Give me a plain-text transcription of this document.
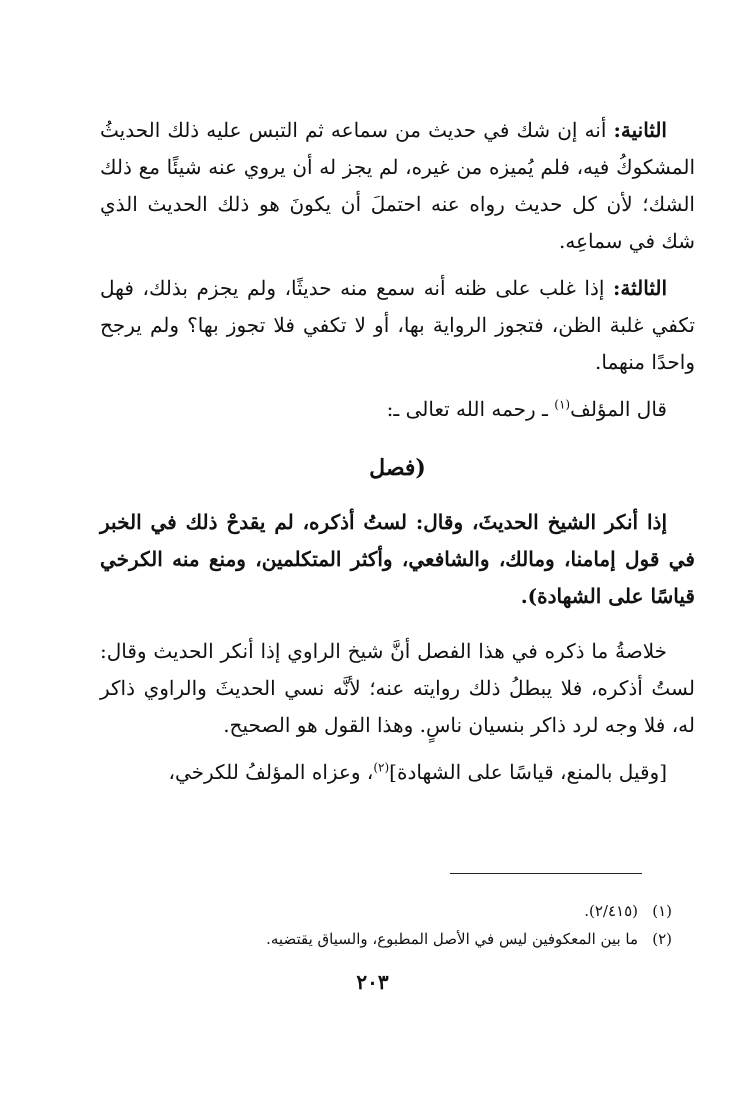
الثانية: أنه إن شك في حديث من سماعه ثم التبس عليه ذلك الحديثُ المشكوكُ فيه، فلم يُميزه من غيره، لم يجز له أن يروي عنه شيئًا مع ذلك الشك؛ لأن كل حديث رواه عنه احتملَ أن يكونَ هو ذلك الحديث الذي شك في سماعِه.

الثالثة: إذا غلب على ظنه أنه سمع منه حديثًا، ولم يجزم بذلك، فهل تكفي غلبة الظن، فتجوز الرواية بها، أو لا تكفي فلا تجوز بها؟ ولم يرجح واحدًا منهما.

قال المؤلف$^{(١)}$ ـ رحمه الله تعالى ـ:

(فصل

إذا أنكر الشيخ الحديثَ، وقال: لستُ أذكره، لم يقدحْ ذلك في الخبر في قول إمامنا، ومالك، والشافعي، وأكثر المتكلمين، ومنع منه الكرخي قياسًا على الشهادة).

خلاصةُ ما ذكره في هذا الفصل أنَّ شيخ الراوي إذا أنكر الحديث وقال: لستُ أذكره، فلا يبطلُ ذلك روايته عنه؛ لأنَّه نسي الحديثَ والراوي ذاكر له، فلا وجه لرد ذاكر بنسيان ناسٍ. وهذا القول هو الصحيح.

[وقيل بالمنع، قياسًا على الشهادة]$^{(٢)}$، وعزاه المؤلفُ للكرخي،

(١)(٢/٤١٥).

(٢)ما بين المعكوفين ليس في الأصل المطبوع، والسياق يقتضيه.

٢٠٣
